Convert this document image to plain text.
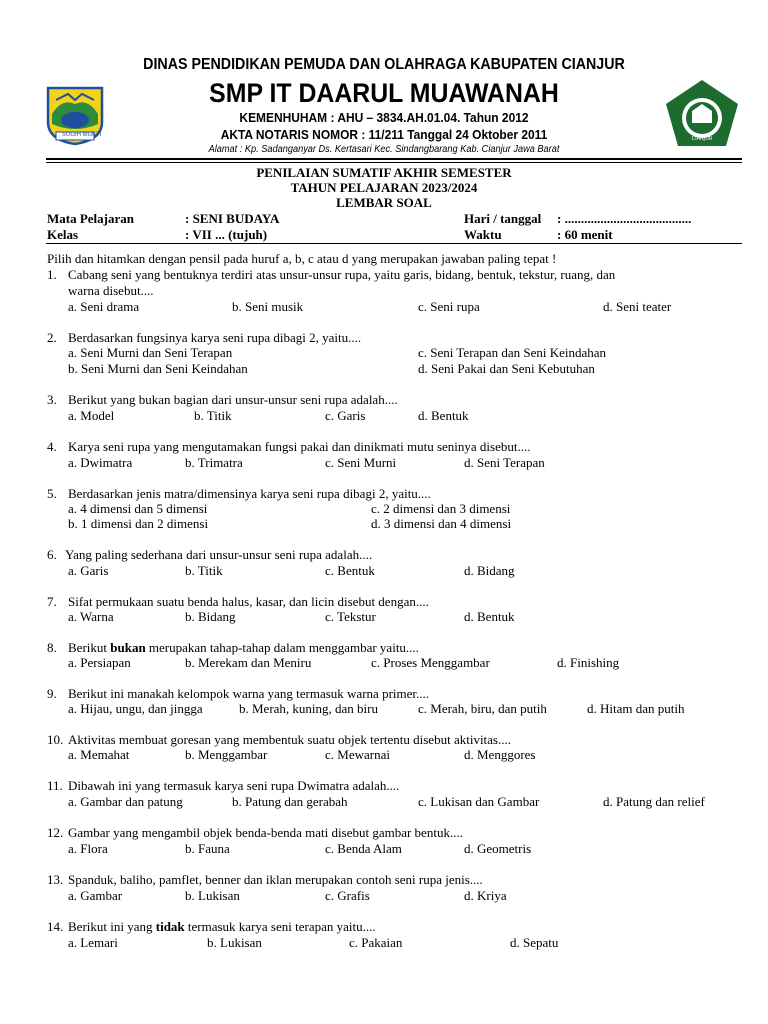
SUGIH MUKTI
CIANJUR
DINAS PENDIDIKAN PEMUDA DAN OLAHRAGA KABUPATEN CIANJUR
SMP IT DAARUL MUAWANAH
KEMENHUHAM : AHU – 3834.AH.01.04. Tahun 2012
AKTA NOTARIS NOMOR : 11/211 Tanggal 24 Oktober 2011
Alamat : Kp. Sadanganyar Ds. Kertasari Kec. Sindangbarang Kab. Cianjur Jawa Barat
PENILAIAN SUMATIF AKHIR SEMESTER
TAHUN PELAJARAN 2023/2024
LEMBAR SOAL
Mata Pelajaran	: SENI BUDAYA	Hari / tanggal : .......................................
Kelas	: VII ... (tujuh)	Waktu	: 60 menit
Pilih dan hitamkan dengan pensil pada huruf a, b, c atau d yang merupakan jawaban paling tepat !
1. Cabang seni yang bentuknya terdiri atas unsur-unsur rupa, yaitu garis, bidang, bentuk, tekstur, ruang, dan
warna disebut....
a. Seni drama	b. Seni musik	c. Seni rupa	d. Seni teater
2. Berdasarkan fungsinya karya seni rupa dibagi 2, yaitu....
a. Seni Murni dan Seni Terapan	c. Seni Terapan dan Seni Keindahan
b. Seni Murni dan Seni Keindahan	d. Seni Pakai dan Seni Kebutuhan
3. Berikut yang bukan bagian dari unsur-unsur seni rupa adalah....
a. Model	b. Titik	c. Garis	d. Bentuk
4. Karya seni rupa yang mengutamakan fungsi pakai dan dinikmati mutu seninya disebut....
a. Dwimatra	b. Trimatra	c. Seni Murni	d. Seni Terapan
5. Berdasarkan jenis matra/dimensinya karya seni rupa dibagi 2, yaitu....
a. 4 dimensi dan 5 dimensi	c. 2 dimensi dan 3 dimensi
b. 1 dimensi dan 2 dimensi	d. 3 dimensi dan 4 dimensi
6. Yang paling sederhana dari unsur-unsur seni rupa adalah....
a. Garis	b. Titik	c. Bentuk	d. Bidang
7. Sifat permukaan suatu benda halus, kasar, dan licin disebut dengan....
a. Warna	b. Bidang	c. Tekstur	d. Bentuk
8. Berikut bukan merupakan tahap-tahap dalam menggambar yaitu....
a. Persiapan	b. Merekam dan Meniru	c. Proses Menggambar	d. Finishing
9. Berikut ini manakah kelompok warna yang termasuk warna primer....
a. Hijau, ungu, dan jingga	b. Merah, kuning, dan biru	c. Merah, biru, dan putih	d. Hitam dan putih
10. Aktivitas membuat goresan yang membentuk suatu objek tertentu disebut aktivitas....
a. Memahat	b. Menggambar	c. Mewarnai	d. Menggores
11. Dibawah ini yang termasuk karya seni rupa Dwimatra adalah....
a. Gambar dan patung	b. Patung dan gerabah	c. Lukisan dan Gambar	d. Patung dan relief
12. Gambar yang mengambil objek benda-benda mati disebut gambar bentuk....
a. Flora	b. Fauna	c. Benda Alam	d. Geometris
13. Spanduk, baliho, pamflet, benner dan iklan merupakan contoh seni rupa jenis....
a. Gambar	b. Lukisan	c. Grafis	d. Kriya
14. Berikut ini yang tidak termasuk karya seni terapan yaitu....
a. Lemari	b. Lukisan	c. Pakaian	d. Sepatu
